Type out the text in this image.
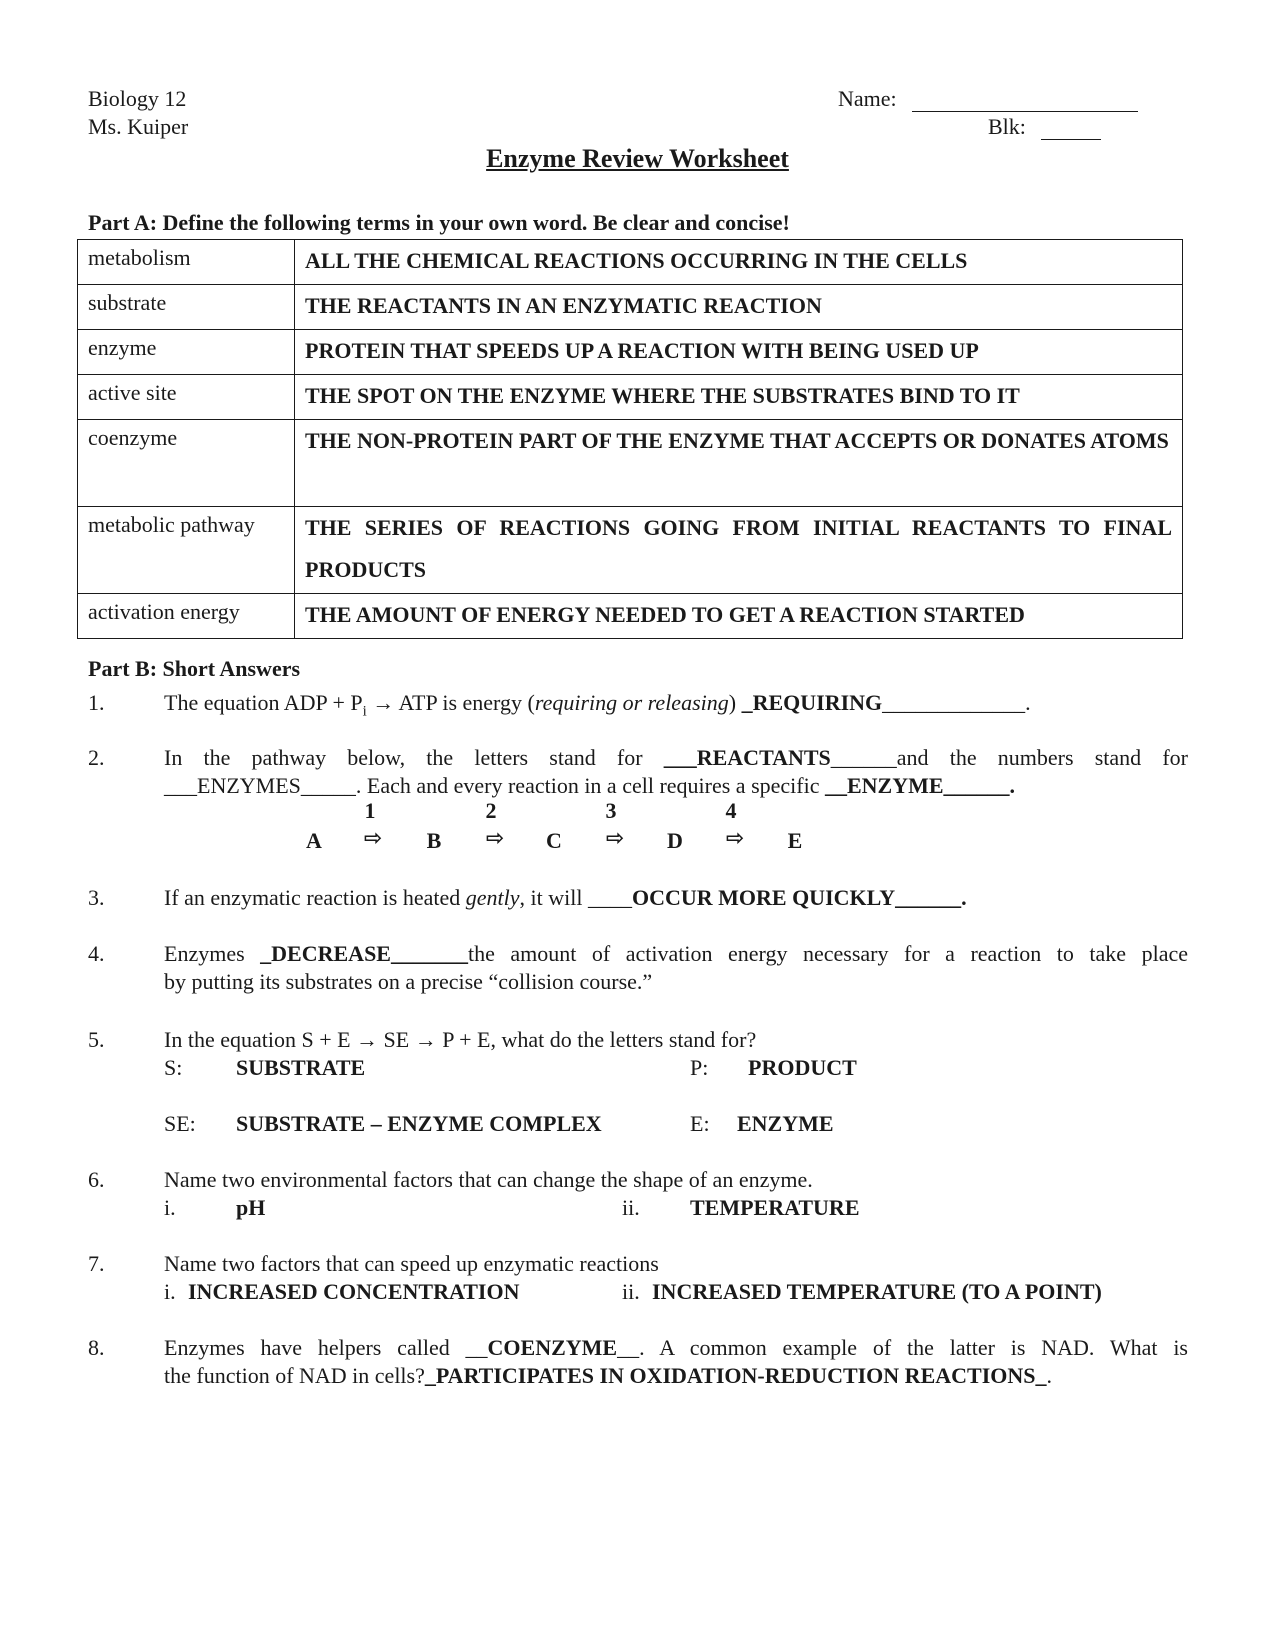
Biology 12
Ms. Kuiper
Name:
Blk:
Enzyme Review Worksheet
Part A: Define the following terms in your own word. Be clear and concise!
metabolism	ALL THE CHEMICAL REACTIONS OCCURRING IN THE CELLS
substrate	THE REACTANTS IN AN ENZYMATIC REACTION
enzyme	PROTEIN THAT SPEEDS UP A REACTION WITH BEING USED UP
active site	THE SPOT ON THE ENZYME WHERE THE SUBSTRATES BIND TO IT
coenzyme	THE NON-PROTEIN PART OF THE ENZYME THAT ACCEPTS OR DONATES ATOMS
metabolic pathway	THE SERIES OF REACTIONS GOING FROM INITIAL REACTANTS TO FINAL PRODUCTS
activation energy	THE AMOUNT OF ENERGY NEEDED TO GET A REACTION STARTED
Part B: Short Answers
1.	The equation ADP + $P_i$ → ATP is energy (requiring or releasing) _REQUIRING_____________.
2.	In the pathway below, the letters stand for ___REACTANTS______and the numbers stand for
___ENZYMES_____. Each and every reaction in a cell requires a specific __ENZYME______.
1	2	3	4
A	⇨	B	⇨	C	⇨	D	⇨	E
3.	If an enzymatic reaction is heated gently, it will ____OCCUR MORE QUICKLY______.
4.	Enzymes _DECREASE_______the amount of activation energy necessary for a reaction to take place
by putting its substrates on a precise “collision course.”
5.	In the equation S + E → SE → P + E, what do the letters stand for?
S: SUBSTRATE	P: PRODUCT
SE: SUBSTRATE – ENZYME COMPLEX	E: ENZYME
6.	Name two environmental factors that can change the shape of an enzyme.
i.	pH	ii. TEMPERATURE
7.	Name two factors that can speed up enzymatic reactions
i. INCREASED CONCENTRATION	ii. INCREASED TEMPERATURE (TO A POINT)
8.	Enzymes have helpers called __COENZYME__. A common example of the latter is NAD. What is
the function of NAD in cells?_PARTICIPATES IN OXIDATION-REDUCTION REACTIONS_.
